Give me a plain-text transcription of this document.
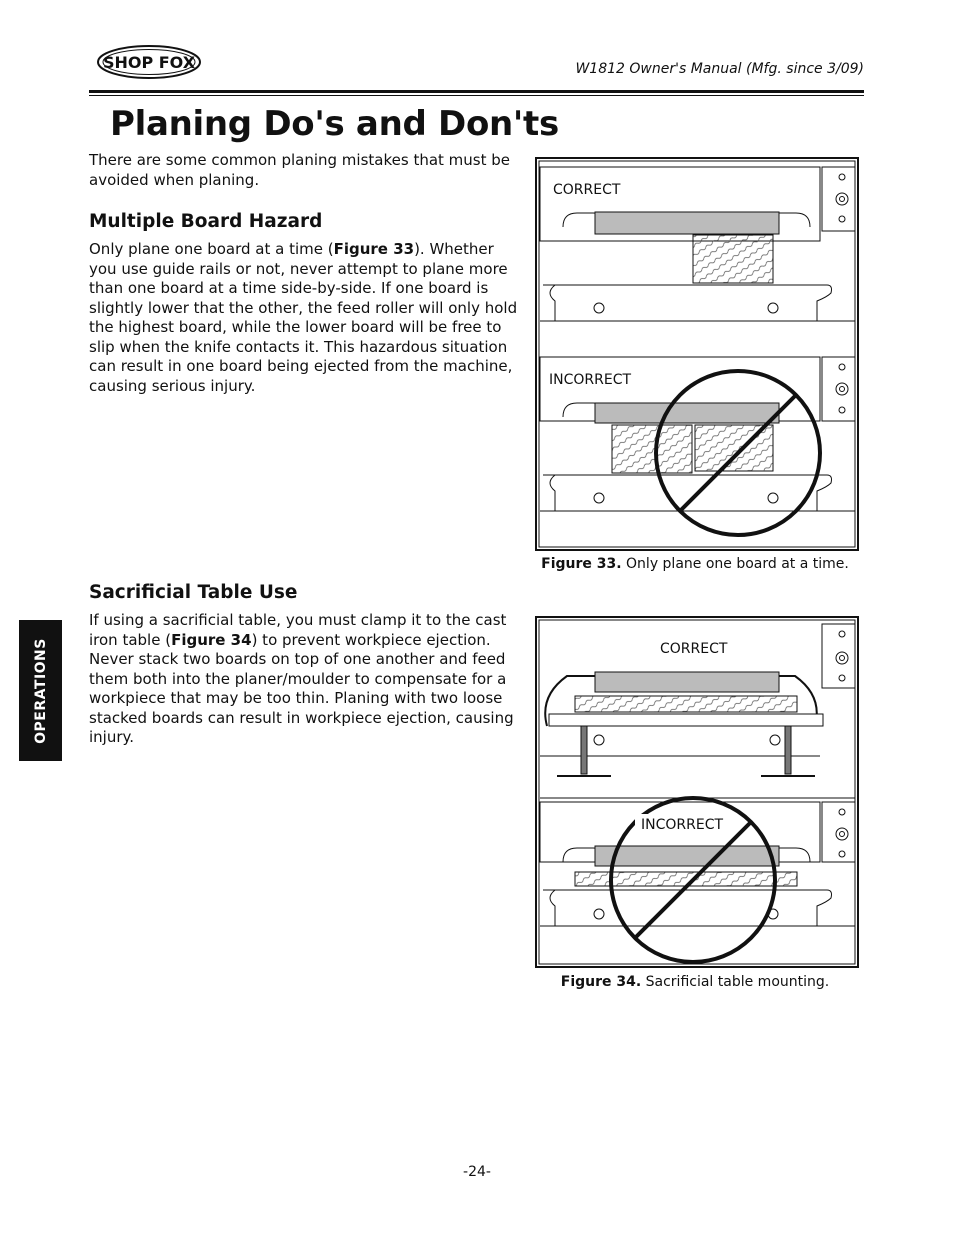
SHOP FOX	W1812 Owner's Manual (Mfg. since 3/09)
Planing Do's and Don'ts
There are some common planing mistakes that must be avoided when planing.
Multiple Board Hazard
Only plane one board at a time (Figure 33). Whether you use guide rails or not, never attempt to plane more than one board at a time side-by-side. If one board is slightly lower that the other, the feed roller will only hold the highest board, while the lower board will be free to slip when the knife contacts it. This hazardous situation can result in one board being ejected from the machine, causing serious injury.
Sacrificial Table Use
If using a sacrificial table, you must clamp it to the cast iron table (Figure 34) to prevent workpiece ejection. Never stack two boards on top of one another and feed them both into the planer/moulder to compensate for a workpiece that may be too thin. Planing with two loose stacked boards can result in workpiece ejection, causing injury.
OPERATIONS
CORRECT
INCORRECT
Figure 33. Only plane one board at a time.
CORRECT
INCORRECT
Figure 34. Sacrificial table mounting.
-24-
